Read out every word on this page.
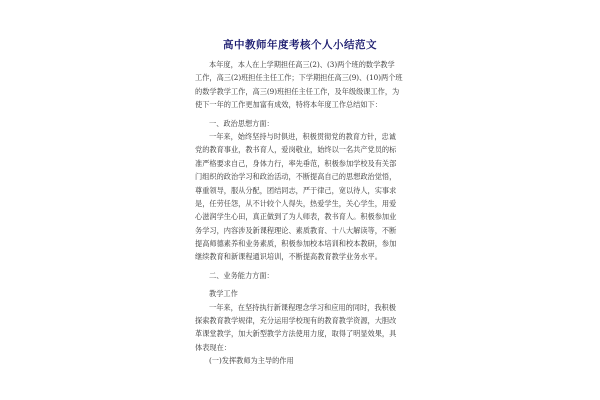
高中教师年度考核个人小结范文
本年度，本人在上学期担任高三(2)、(3)两个班的数学教学
工作，高三(2)班担任主任工作；下学期担任高三(9)、(10)两个班
的数学教学工作，高三(9)班担任主任工作，及年级级课工作，为
使下一年的工作更加富有成效，特将本年度工作总结如下：
一、政治思想方面：
一年来，始终坚持与时俱进，积极贯彻党的教育方针，忠诚
党的教育事业，教书育人，爱岗敬业，始终以一名共产党员的标
准严格要求自己，身体力行，率先垂范，积极参加学校及有关部
门组织的政治学习和政治活动，不断提高自己的思想政治觉悟，
尊重领导，服从分配，团结同志，严于律己，宽以待人，实事求
是，任劳任怨，从不计较个人得失，热爱学生，关心学生，用爱
心滋润学生心田，真正做到了为人师表，教书育人。积极参加业
务学习，内容涉及新课程理论、素质教育、十八大解读等，不断
提高师德素养和业务素质，积极参加校本培训和校本教研，参加
继续教育和新课程通识培训，不断提高教育教学业务水平。
二、业务能力方面：
教学工作
一年来，在坚持执行新课程理念学习和应用的同时，我积极
探索教育教学规律，充分运用学校现有的教育教学资源，大胆改
革课堂教学，加大新型教学方法使用力度，取得了明显效果，具
体表现在：
(一)发挥教师为主导的作用
